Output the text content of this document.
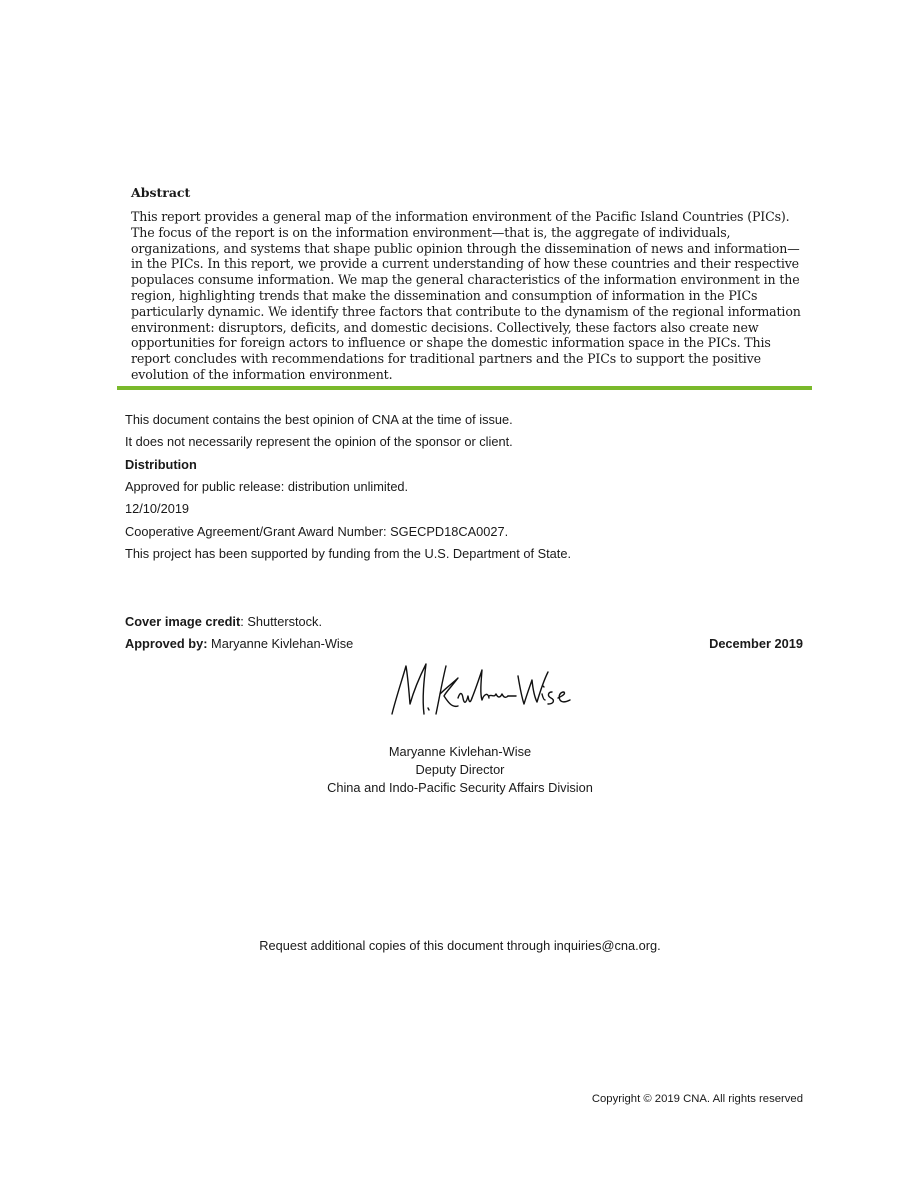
Abstract

This report provides a general map of the information environment of the Pacific Island Countries (PICs). The focus of the report is on the information environment—that is, the aggregate of individuals, organizations, and systems that shape public opinion through the dissemination of news and information—in the PICs. In this report, we provide a current understanding of how these countries and their respective populaces consume information. We map the general characteristics of the information environment in the region, highlighting trends that make the dissemination and consumption of information in the PICs particularly dynamic. We identify three factors that contribute to the dynamism of the regional information environment: disruptors, deficits, and domestic decisions. Collectively, these factors also create new opportunities for foreign actors to influence or shape the domestic information space in the PICs. This report concludes with recommendations for traditional partners and the PICs to support the positive evolution of the information environment.

This document contains the best opinion of CNA at the time of issue.
It does not necessarily represent the opinion of the sponsor or client.
Distribution
Approved for public release: distribution unlimited.
12/10/2019
Cooperative Agreement/Grant Award Number: SGECPD18CA0027.
This project has been supported by funding from the U.S. Department of State.
Cover image credit: Shutterstock.
Approved by: Maryanne Kivlehan-Wise	December 2019
Maryanne Kivlehan-Wise
Deputy Director
China and Indo-Pacific Security Affairs Division
Request additional copies of this document through inquiries@cna.org.
Copyright © 2019 CNA. All rights reserved
